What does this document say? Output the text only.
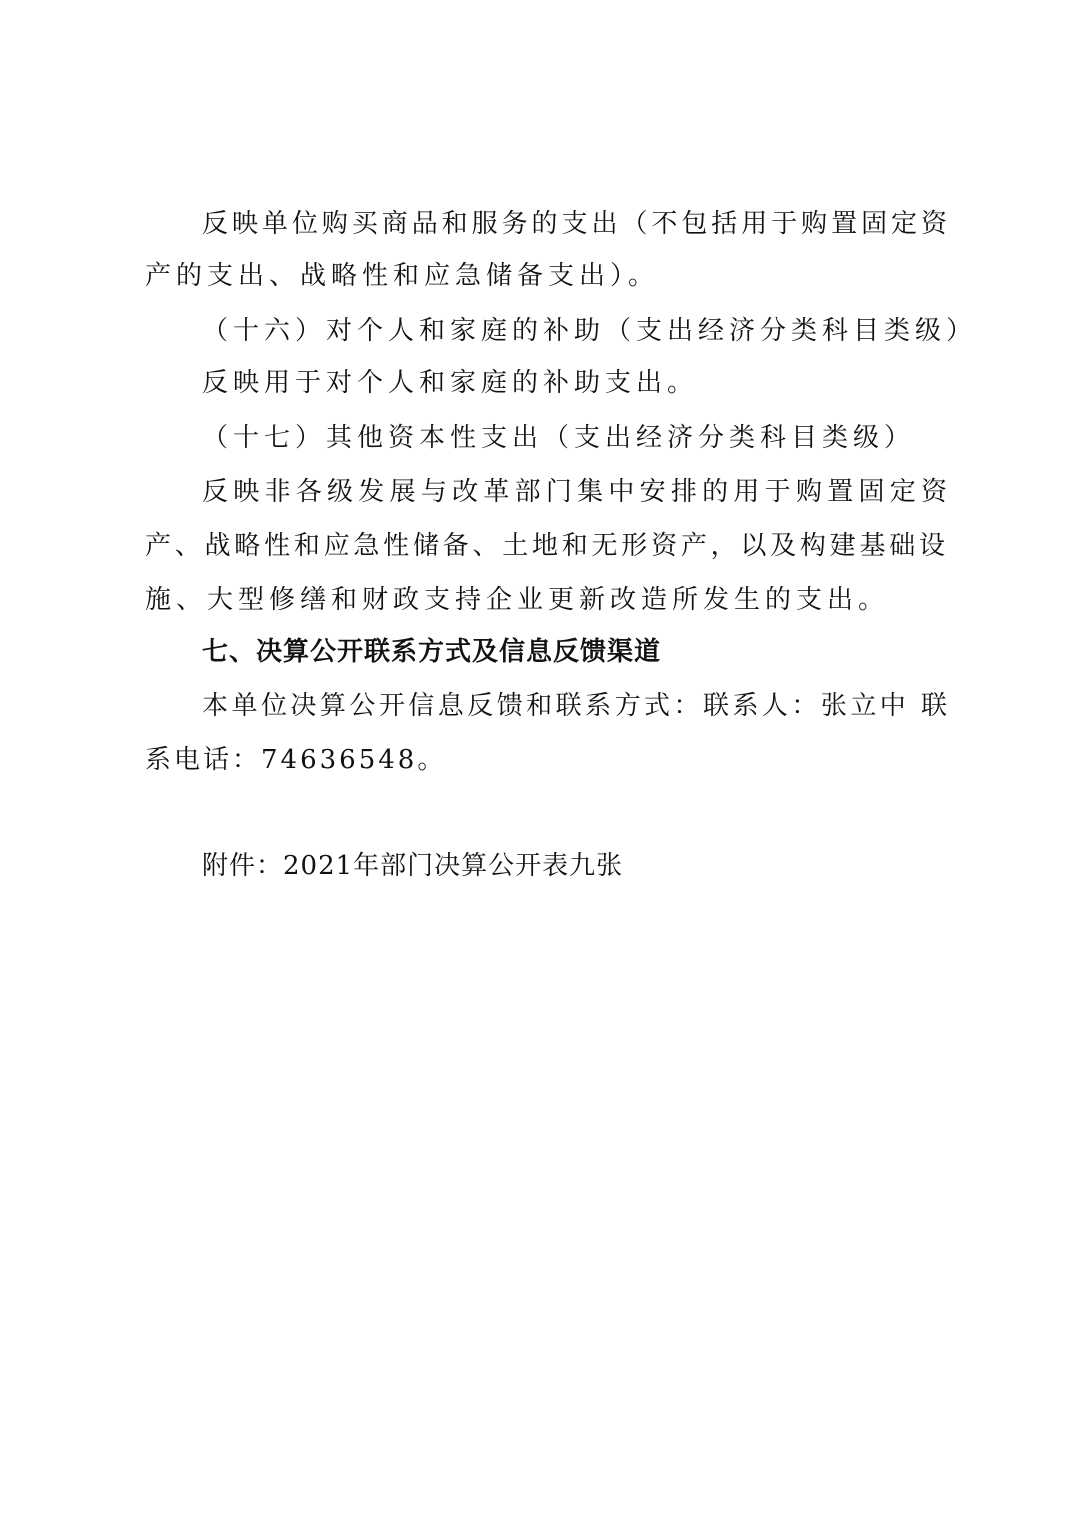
反映单位购买商品和服务的支出（不包括用于购置固定资
产的支出、战略性和应急储备支出）。
（十六）对个人和家庭的补助（支出经济分类科目类级）
反映用于对个人和家庭的补助支出。
（十七）其他资本性支出（支出经济分类科目类级）
反映非各级发展与改革部门集中安排的用于购置固定资
产、战略性和应急性储备、土地和无形资产，以及构建基础设
施、大型修缮和财政支持企业更新改造所发生的支出。
七、决算公开联系方式及信息反馈渠道
本单位决算公开信息反馈和联系方式：联系人：张立中 联
系电话：74636548。
附件：2021年部门决算公开表九张
